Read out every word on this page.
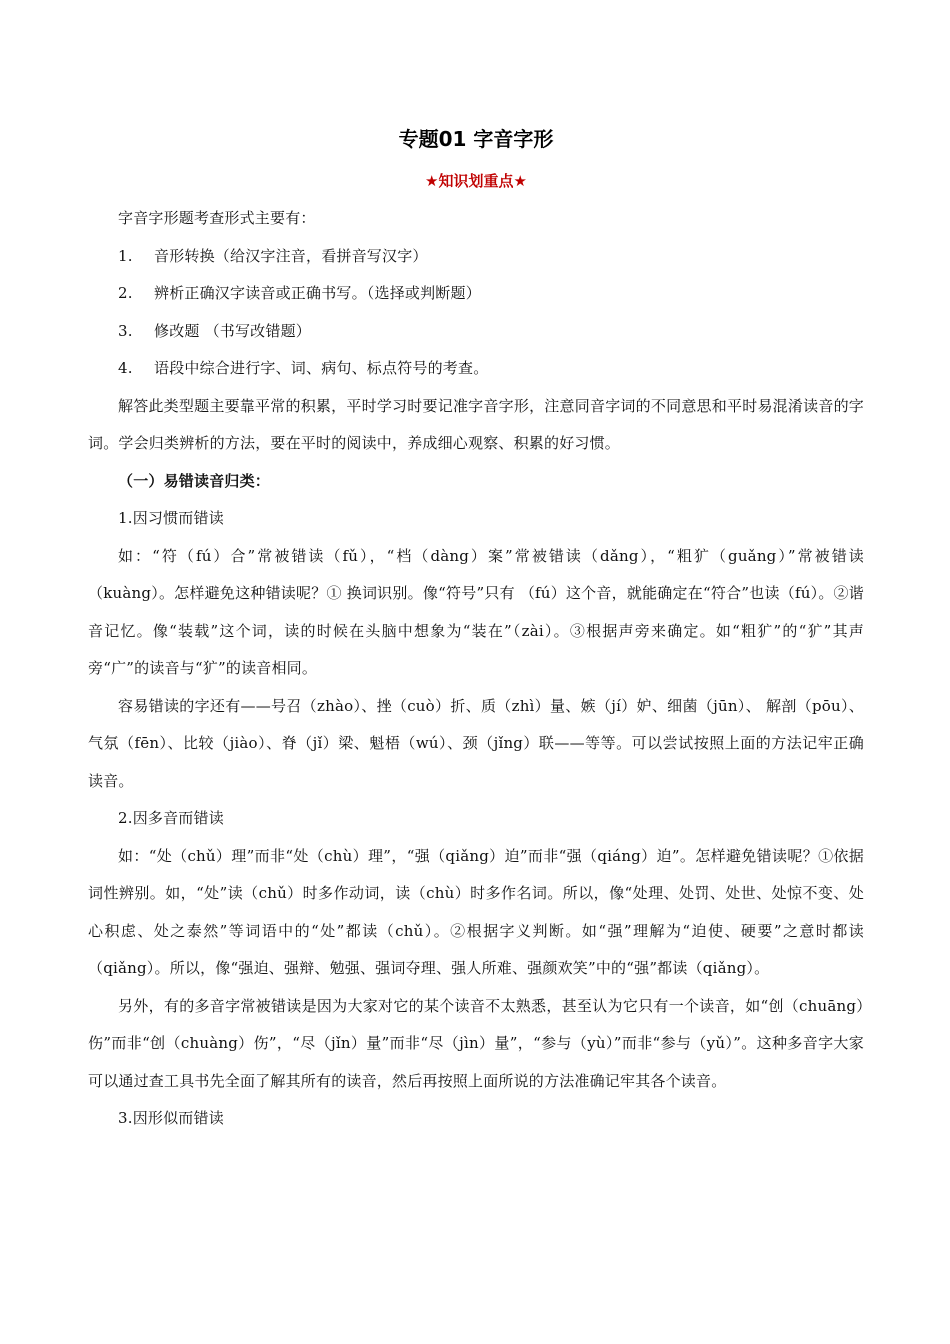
专题01 字音字形
★知识划重点★

字音字形题考查形式主要有：

1. 音形转换（给汉字注音，看拼音写汉字）

2. 辨析正确汉字读音或正确书写。（选择或判断题）

3. 修改题 （书写改错题）

4. 语段中综合进行字、词、病句、标点符号的考查。

解答此类型题主要靠平常的积累，平时学习时要记准字音字形，注意同音字词的不同意思和平时易混淆读音的字词。学会归类辨析的方法，要在平时的阅读中，养成细心观察、积累的好习惯。

（一）易错读音归类：

1.因习惯而错读

如：“符（fú）合”常被错读（fǔ），“档（dàng）案”常被错读（dǎng），“粗犷（guǎng）”常被错读（kuàng）。怎样避免这种错读呢？① 换词识别。像“符号”只有 （fú）这个音，就能确定在“符合”也读（fú）。②谐音记忆。像“装载”这个词，读的时候在头脑中想象为“装在”（zài）。③根据声旁来确定。如“粗犷”的“犷”其声旁“广”的读音与“犷”的读音相同。

容易错读的字还有——号召（zhào）、挫（cuò）折、质（zhì）量、嫉（jí）妒、细菌（jūn）、 解剖（pōu）、气氛（fēn）、比较（jiào）、脊（jǐ）梁、魁梧（wú）、颈（jǐng）联——等等。可以尝试按照上面的方法记牢正确读音。

2.因多音而错读

如：“处（chǔ）理”而非“处（chù）理”，“强（qiǎng）迫”而非“强（qiáng）迫”。怎样避免错读呢？①依据词性辨别。如，“处”读（chǔ）时多作动词，读（chù）时多作名词。所以，像“处理、处罚、处世、处惊不变、处心积虑、处之泰然”等词语中的“处”都读（chǔ）。②根据字义判断。如“强”理解为“迫使、硬要”之意时都读（qiǎng）。所以，像“强迫、强辩、勉强、强词夺理、强人所难、强颜欢笑”中的“强”都读（qiǎng）。

另外，有的多音字常被错读是因为大家对它的某个读音不太熟悉，甚至认为它只有一个读音，如“创（chuāng）伤”而非“创（chuàng）伤”，“尽（jǐn）量”而非“尽（jìn）量”，“参与（yù）”而非“参与（yǔ）”。这种多音字大家可以通过查工具书先全面了解其所有的读音，然后再按照上面所说的方法准确记牢其各个读音。

3.因形似而错读
